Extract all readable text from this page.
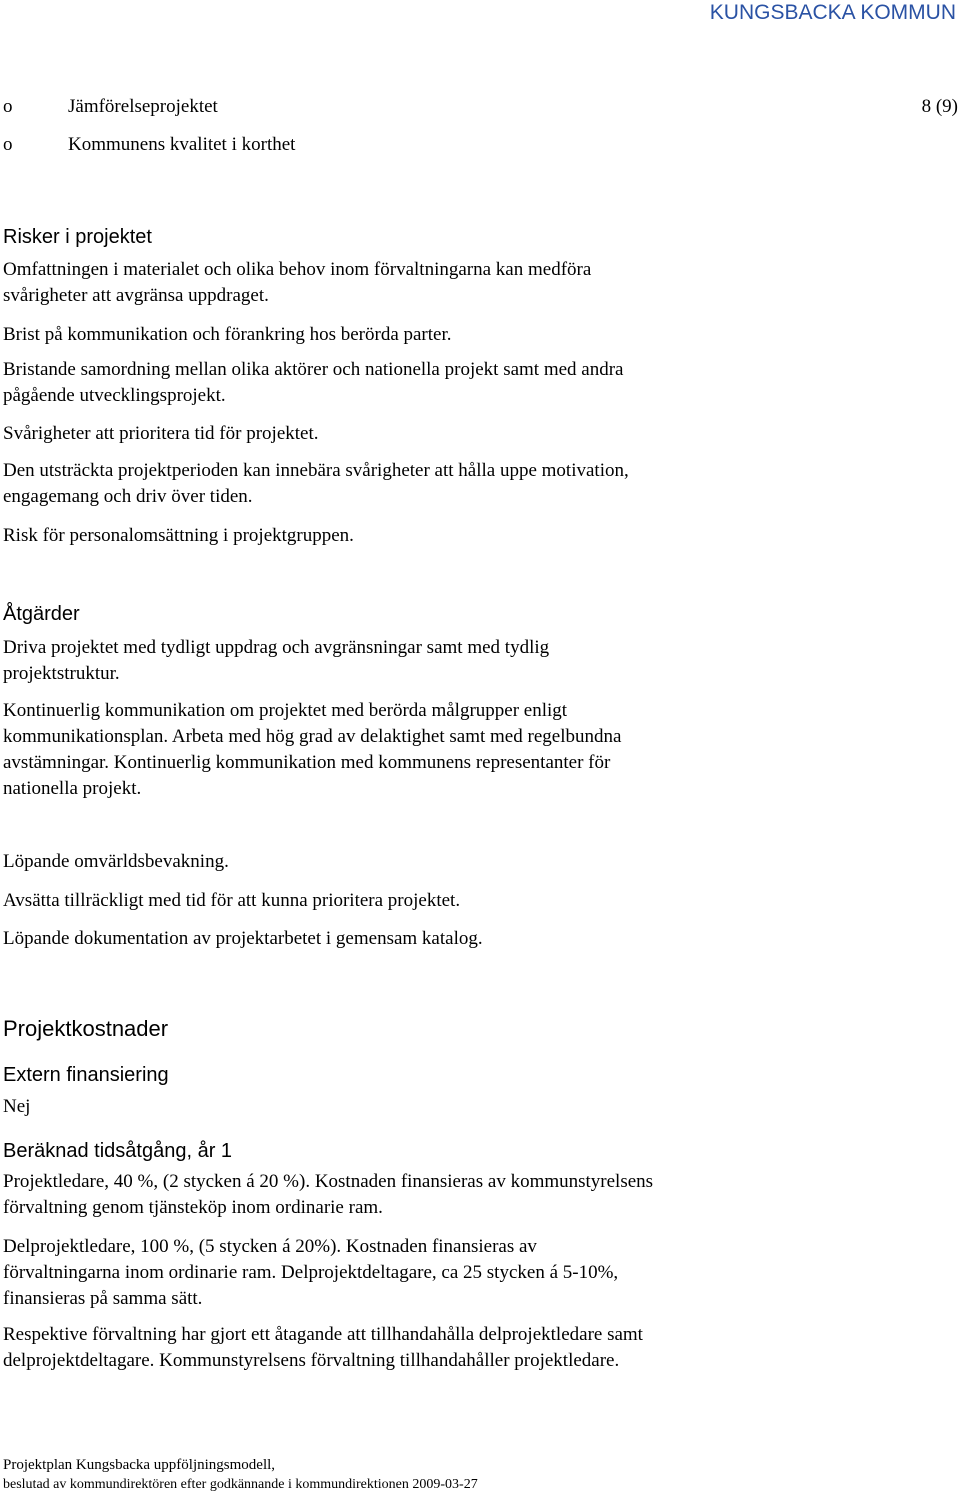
KUNGSBACKA KOMMUN
8 (9)
o	Jämförelseprojektet
o	Kommunens kvalitet i korthet
Risker i projektet
Omfattningen i materialet och olika behov inom förvaltningarna kan medföra
svårigheter att avgränsa uppdraget.
Brist på kommunikation och förankring hos berörda parter.
Bristande samordning mellan olika aktörer och nationella projekt samt med andra
pågående utvecklingsprojekt.
Svårigheter att prioritera tid för projektet.
Den utsträckta projektperioden kan innebära svårigheter att hålla uppe motivation,
engagemang och driv över tiden.
Risk för personalomsättning i projektgruppen.
Åtgärder
Driva projektet med tydligt uppdrag och avgränsningar samt med tydlig
projektstruktur.
Kontinuerlig kommunikation om projektet med berörda målgrupper enligt
kommunikationsplan. Arbeta med hög grad av delaktighet samt med regelbundna
avstämningar. Kontinuerlig kommunikation med kommunens representanter för
nationella projekt.
Löpande omvärldsbevakning.
Avsätta tillräckligt med tid för att kunna prioritera projektet.
Löpande dokumentation av projektarbetet i gemensam katalog.
Projektkostnader
Extern finansiering
Nej
Beräknad tidsåtgång, år 1
Projektledare, 40 %, (2 stycken á 20 %). Kostnaden finansieras av kommunstyrelsens
förvaltning genom tjänsteköp inom ordinarie ram.
Delprojektledare, 100 %, (5 stycken á 20%). Kostnaden finansieras av
förvaltningarna inom ordinarie ram. Delprojektdeltagare, ca 25 stycken á 5-10%,
finansieras på samma sätt.
Respektive förvaltning har gjort ett åtagande att tillhandahålla delprojektledare samt
delprojektdeltagare. Kommunstyrelsens förvaltning tillhandahåller projektledare.
Projektplan Kungsbacka uppföljningsmodell,
beslutad av kommundirektören efter godkännande i kommundirektionen 2009-03-27
